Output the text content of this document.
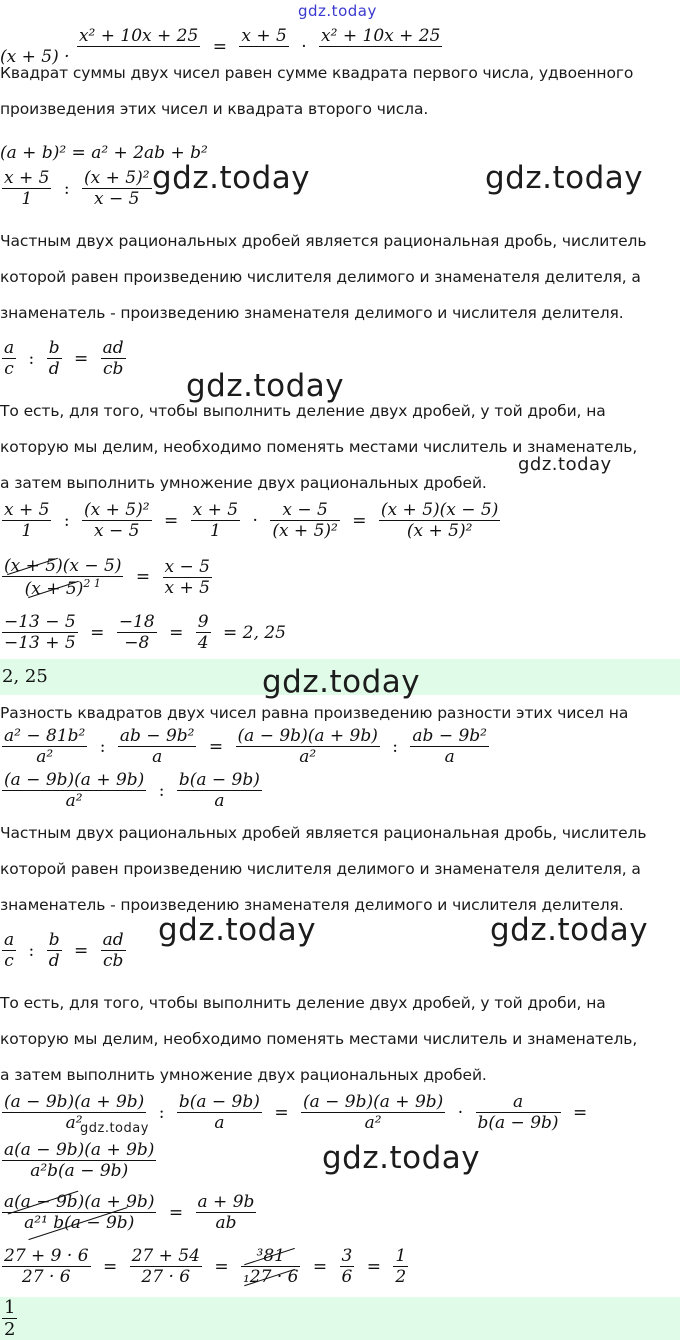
gdz.today
gdz.today	gdz.today
gdz.today
gdz.today
gdz.today
gdz.today	gdz.today
gdz.today
gdz.today
(x + 5) ·
x² + 10x + 25

=
x + 5

·
x² + 10x + 25

Квадрат суммы двух чисел равен сумме квадрата первого числа, удвоенного
произведения этих чисел и квадрата второго числа.
(a + b)² = a² + 2ab + b²
$\frac{x + 5}{1}$ : $\frac{\text{(x + 5)²}}{x - 5}$
Частным двух рациональных дробей является рациональная дробь, числитель
которой равен произведению числителя делимого и знаменателя делителя, а
знаменатель - произведению знаменателя делимого и числителя делителя.
$\frac{a}{c}$ : $\frac{b}{d} = \frac{ad}{cb}$
То есть, для того, чтобы выполнить деление двух дробей, у той дроби, на
которую мы делим, необходимо поменять местами числитель и знаменатель,
а затем выполнить умножение двух рациональных дробей.
$\frac{x + 5}{1}$ : $\frac{\text{(x + 5)²}}{x - 5} = \frac{x + 5}{1} \cdot \frac{x - 5}{\text{(x + 5)²}} = \frac{(x + 5)(x - 5)}{\text{(x + 5)²}}$
$\frac{(x + 5)(x - 5)}{(x + 5)^{2 1}} = \frac{x - 5}{x + 5}$
$\frac{-13 - 5}{-13 + 5} = \frac{-18}{-8} = \frac{9}{4} = 2$, 25
2, 25
Разность квадратов двух чисел равна произведению разности этих чисел на
$\frac{\text{a² − 81b²}}{\text{a²}}$ : $\frac{\text{ab − 9b²}}{a} = \frac{(a - 9b)(a + 9b)}{\text{a²}}$ : $\frac{\text{ab − 9b²}}{a}$
$\frac{(a - 9b)(a + 9b)}{\text{a²}}$ : $\frac{b(a - 9b)}{a}$
Частным двух рациональных дробей является рациональная дробь, числитель
которой равен произведению числителя делимого и знаменателя делителя, а
знаменатель - произведению знаменателя делимого и числителя делителя.
$\frac{a}{c}$ : $\frac{b}{d} = \frac{ad}{cb}$
То есть, для того, чтобы выполнить деление двух дробей, у той дроби, на
которую мы делим, необходимо поменять местами числитель и знаменатель,
а затем выполнить умножение двух рациональных дробей.
$\frac{(a - 9b)(a + 9b)}{\text{a²}}$ : $\frac{b(a - 9b)}{a} = \frac{(a - 9b)(a + 9b)}{\text{a²}} \cdot \frac{a}{b(a - 9b)}$ =
$\frac{a(a - 9b)(a + 9b)}{\text{a²b(a − 9b)}}$
$\frac{a(a - 9b)(a + 9b)}{\text{a²¹ b(a − 9b)}} = \frac{a + 9b}{ab}$
$\frac{27 + 9 \cdot 6}{27 \cdot 6} = \frac{27 + 54}{27 \cdot 6} = \frac{\text{³81}}{\text{₁27 · 6}} = \frac{3}{6} = \frac{1}{2}$
$\frac{1}{2}$
